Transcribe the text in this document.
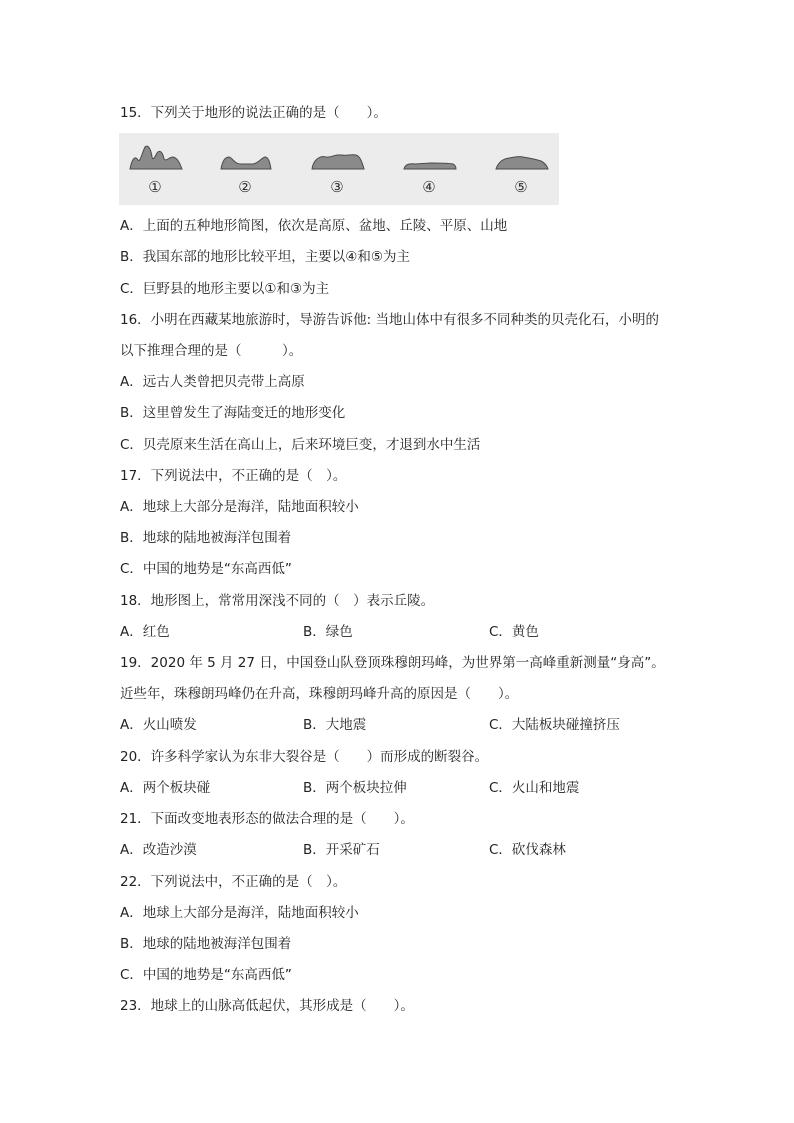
15．下列关于地形的说法正确的是（　　）。
①	②	③	④	⑤
A．上面的五种地形简图，依次是高原、盆地、丘陵、平原、山地
B．我国东部的地形比较平坦，主要以④和⑤为主
C．巨野县的地形主要以①和③为主
16．小明在西藏某地旅游时，导游告诉他: 当地山体中有很多不同种类的贝壳化石，小明的
以下推理合理的是（　　　）。
A．远古人类曾把贝壳带上高原
B．这里曾发生了海陆变迁的地形变化
C．贝壳原来生活在高山上，后来环境巨变，才退到水中生活
17．下列说法中，不正确的是（　）。
A．地球上大部分是海洋，陆地面积较小
B．地球的陆地被海洋包围着
C．中国的地势是“东高西低”
18．地形图上，常常用深浅不同的（　）表示丘陵。
A．红色	B．绿色	C．黄色
19．2020 年 5 月 27 日，中国登山队登顶珠穆朗玛峰，为世界第一高峰重新测量“身高”。
近些年，珠穆朗玛峰仍在升高，珠穆朗玛峰升高的原因是（　　）。
A．火山喷发	B．大地震	C．大陆板块碰撞挤压
20．许多科学家认为东非大裂谷是（　　）而形成的断裂谷。
A．两个板块碰	B．两个板块拉伸	C．火山和地震
21．下面改变地表形态的做法合理的是（　　）。
A．改造沙漠	B．开采矿石	C．砍伐森林
22．下列说法中，不正确的是（　）。
A．地球上大部分是海洋，陆地面积较小
B．地球的陆地被海洋包围着
C．中国的地势是“东高西低”
23．地球上的山脉高低起伏，其形成是（　　）。
